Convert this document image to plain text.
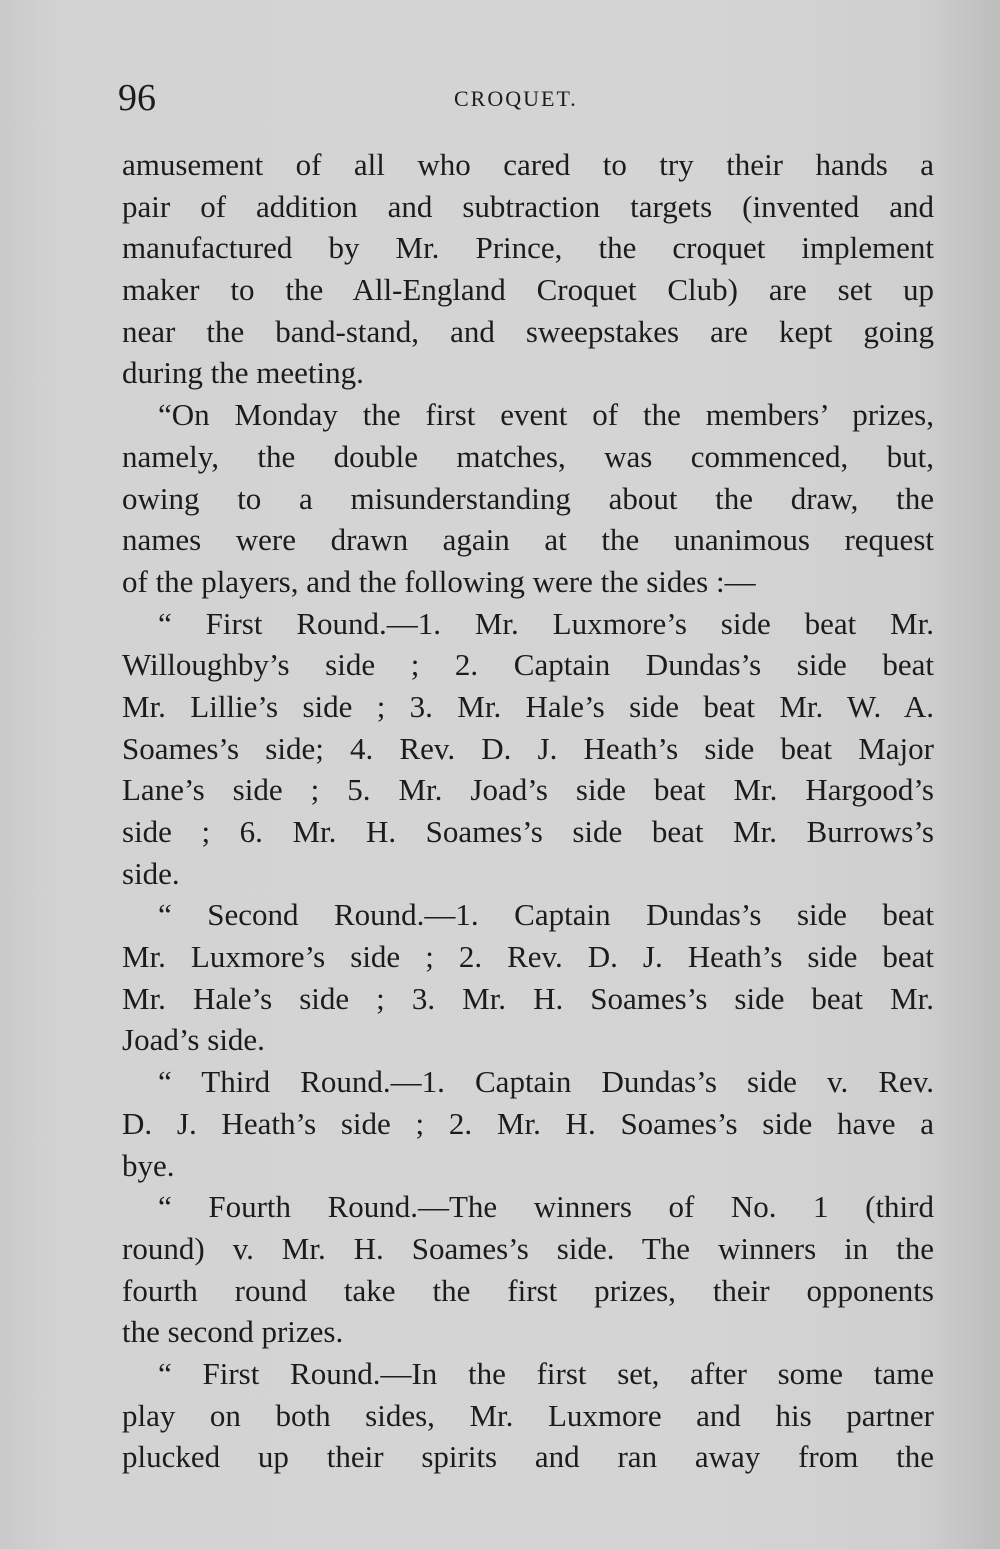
96	CROQUET.
amusement of all who cared to try their hands a
pair of addition and subtraction targets (invented and
manufactured by Mr. Prince, the croquet implement
maker to the All-England Croquet Club) are set up
near the band-stand, and sweepstakes are kept going
during the meeting.
“On Monday the first event of the members’ prizes,
namely, the double matches, was commenced, but,
owing to a misunderstanding about the draw, the
names were drawn again at the unanimous request
of the players, and the following were the sides :—
“ First Round.—1. Mr. Luxmore’s side beat Mr.
Willoughby’s side ; 2. Captain Dundas’s side beat
Mr. Lillie’s side ; 3. Mr. Hale’s side beat Mr. W. A.
Soames’s side; 4. Rev. D. J. Heath’s side beat Major
Lane’s side ; 5. Mr. Joad’s side beat Mr. Hargood’s
side ; 6. Mr. H. Soames’s side beat Mr. Burrows’s
side.
“ Second Round.—1. Captain Dundas’s side beat
Mr. Luxmore’s side ; 2. Rev. D. J. Heath’s side beat
Mr. Hale’s side ; 3. Mr. H. Soames’s side beat Mr.
Joad’s side.
“ Third Round.—1. Captain Dundas’s side v. Rev.
D. J. Heath’s side ; 2. Mr. H. Soames’s side have a
bye.
“ Fourth Round.—The winners of No. 1 (third
round) v. Mr. H. Soames’s side. The winners in the
fourth round take the first prizes, their opponents
the second prizes.
“ First Round.—In the first set, after some tame
play on both sides, Mr. Luxmore and his partner
plucked up their spirits and ran away from the
